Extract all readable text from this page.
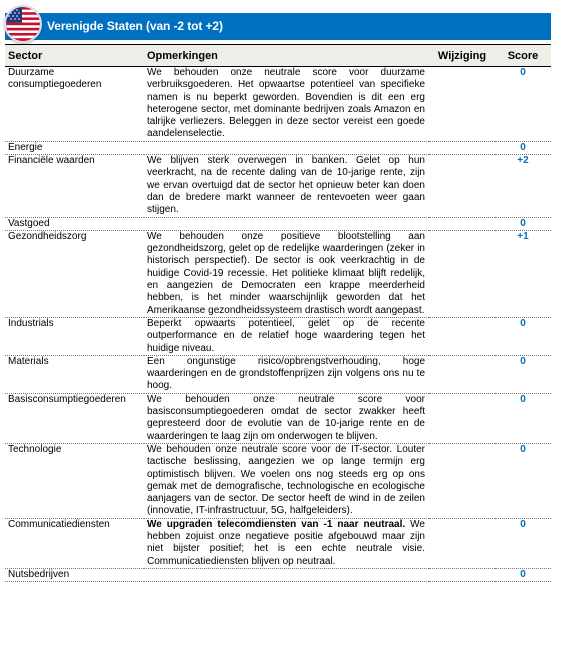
Verenigde Staten (van -2 tot +2)
Sector	Opmerkingen	Wijziging	Score
Duurzame consumptiegoederen	We behouden onze neutrale score voor duurzame verbruiksgoederen. Het opwaartse potentieel van specifieke namen is nu beperkt geworden. Bovendien is dit een erg heterogene sector, met dominante bedrijven zoals Amazon en talrijke verliezers. Beleggen in deze sector vereist een goede aandelenselectie.		0
Energie			0
Financiële waarden	We blijven sterk overwegen in banken. Gelet op hun veerkracht, na de recente daling van de 10-jarige rente, zijn we ervan overtuigd dat de sector het opnieuw beter kan doen dan de bredere markt wanneer de rentevoeten weer gaan stijgen.		+2
Vastgoed			0
Gezondheidszorg	We behouden onze positieve blootstelling aan gezondheidszorg, gelet op de redelijke waarderingen (zeker in historisch perspectief). De sector is ook veerkrachtig in de huidige Covid-19 recessie. Het politieke klimaat blijft redelijk, en aangezien de Democraten een krappe meerderheid hebben, is het minder waarschijnlijk geworden dat het Amerikaanse gezondheidssysteem drastisch wordt aangepast.		+1
Industrials	Beperkt opwaarts potentieel, gelet op de recente outperformance en de relatief hoge waardering tegen het huidige niveau.		0
Materials	Een ongunstige risico/opbrengstverhouding, hoge waarderingen en de grondstoffenprijzen zijn volgens ons nu te hoog.		0
Basisconsumptiegoederen	We behouden onze neutrale score voor basisconsumptiegoederen omdat de sector zwakker heeft gepresteerd door de evolutie van de 10-jarige rente en de waarderingen te laag zijn om onderwogen te blijven.		0
Technologie	We behouden onze neutrale score voor de IT-sector. Louter tactische beslissing, aangezien we op lange termijn erg optimistisch blijven. We voelen ons nog steeds erg op ons gemak met de demografische, technologische en ecologische aanjagers van de sector. De sector heeft de wind in de zeilen (innovatie, IT-infrastructuur, 5G, halfgeleiders).		0
Communicatiediensten	We upgraden telecomdiensten van -1 naar neutraal. We hebben zojuist onze negatieve positie afgebouwd maar zijn niet bijster positief; het is een echte neutrale visie. Communicatiediensten blijven op neutraal.		0
Nutsbedrijven			0
